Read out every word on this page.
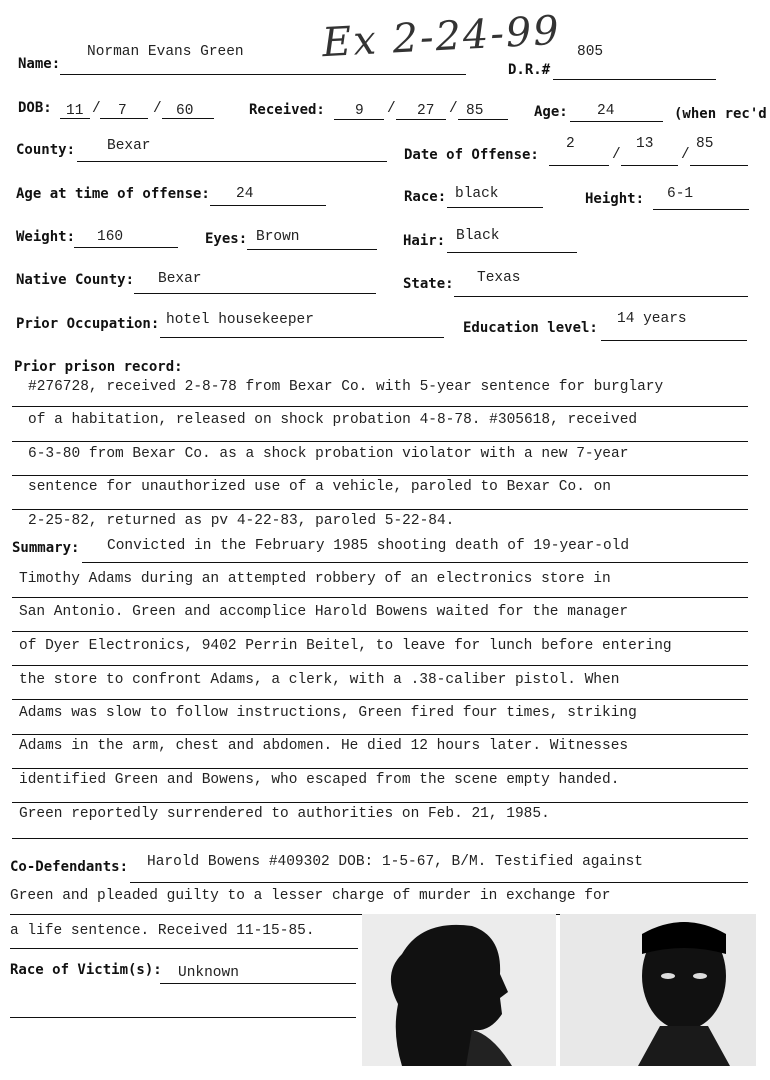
Name:
Norman Evans Green Ex 2-24-99
D.R.#
805
DOB: 11 / 7 / 60	Received: 9 / 27 / 85	Age: 24	(when rec'd
County: Bexar
Date of Offense:
2
/
13
/
85
Age at time of offense: 24	Race: black	Height: 6-1
Weight: 160	Eyes: Brown	Hair: Black
Native County: Bexar	State: Texas
Prior Occupation: hotel housekeeper	Education level:
14 years
Prior prison record:
#276728, received 2-8-78 from Bexar Co. with 5-year sentence for burglary
of a habitation, released on shock probation 4-8-78. #305618, received
6-3-80 from Bexar Co. as a shock probation violator with a new 7-year
sentence for unauthorized use of a vehicle, paroled to Bexar Co. on
2-25-82, returned as pv 4-22-83, paroled 5-22-84.
Summary: Convicted in the February 1985 shooting death of 19-year-old
Timothy Adams during an attempted robbery of an electronics store in
San Antonio. Green and accomplice Harold Bowens waited for the manager
of Dyer Electronics, 9402 Perrin Beitel, to leave for lunch before entering
the store to confront Adams, a clerk, with a .38-caliber pistol. When
Adams was slow to follow instructions, Green fired four times, striking
Adams in the arm, chest and abdomen. He died 12 hours later. Witnesses
identified Green and Bowens, who escaped from the scene empty handed.
Green reportedly surrendered to authorities on Feb. 21, 1985.
Co-Defendants: Harold Bowens #409302 DOB: 1-5-67, B/M. Testified against
Green and pleaded guilty to a lesser charge of murder in exchange for
a life sentence. Received 11-15-85.
Race of Victim(s): Unknown
